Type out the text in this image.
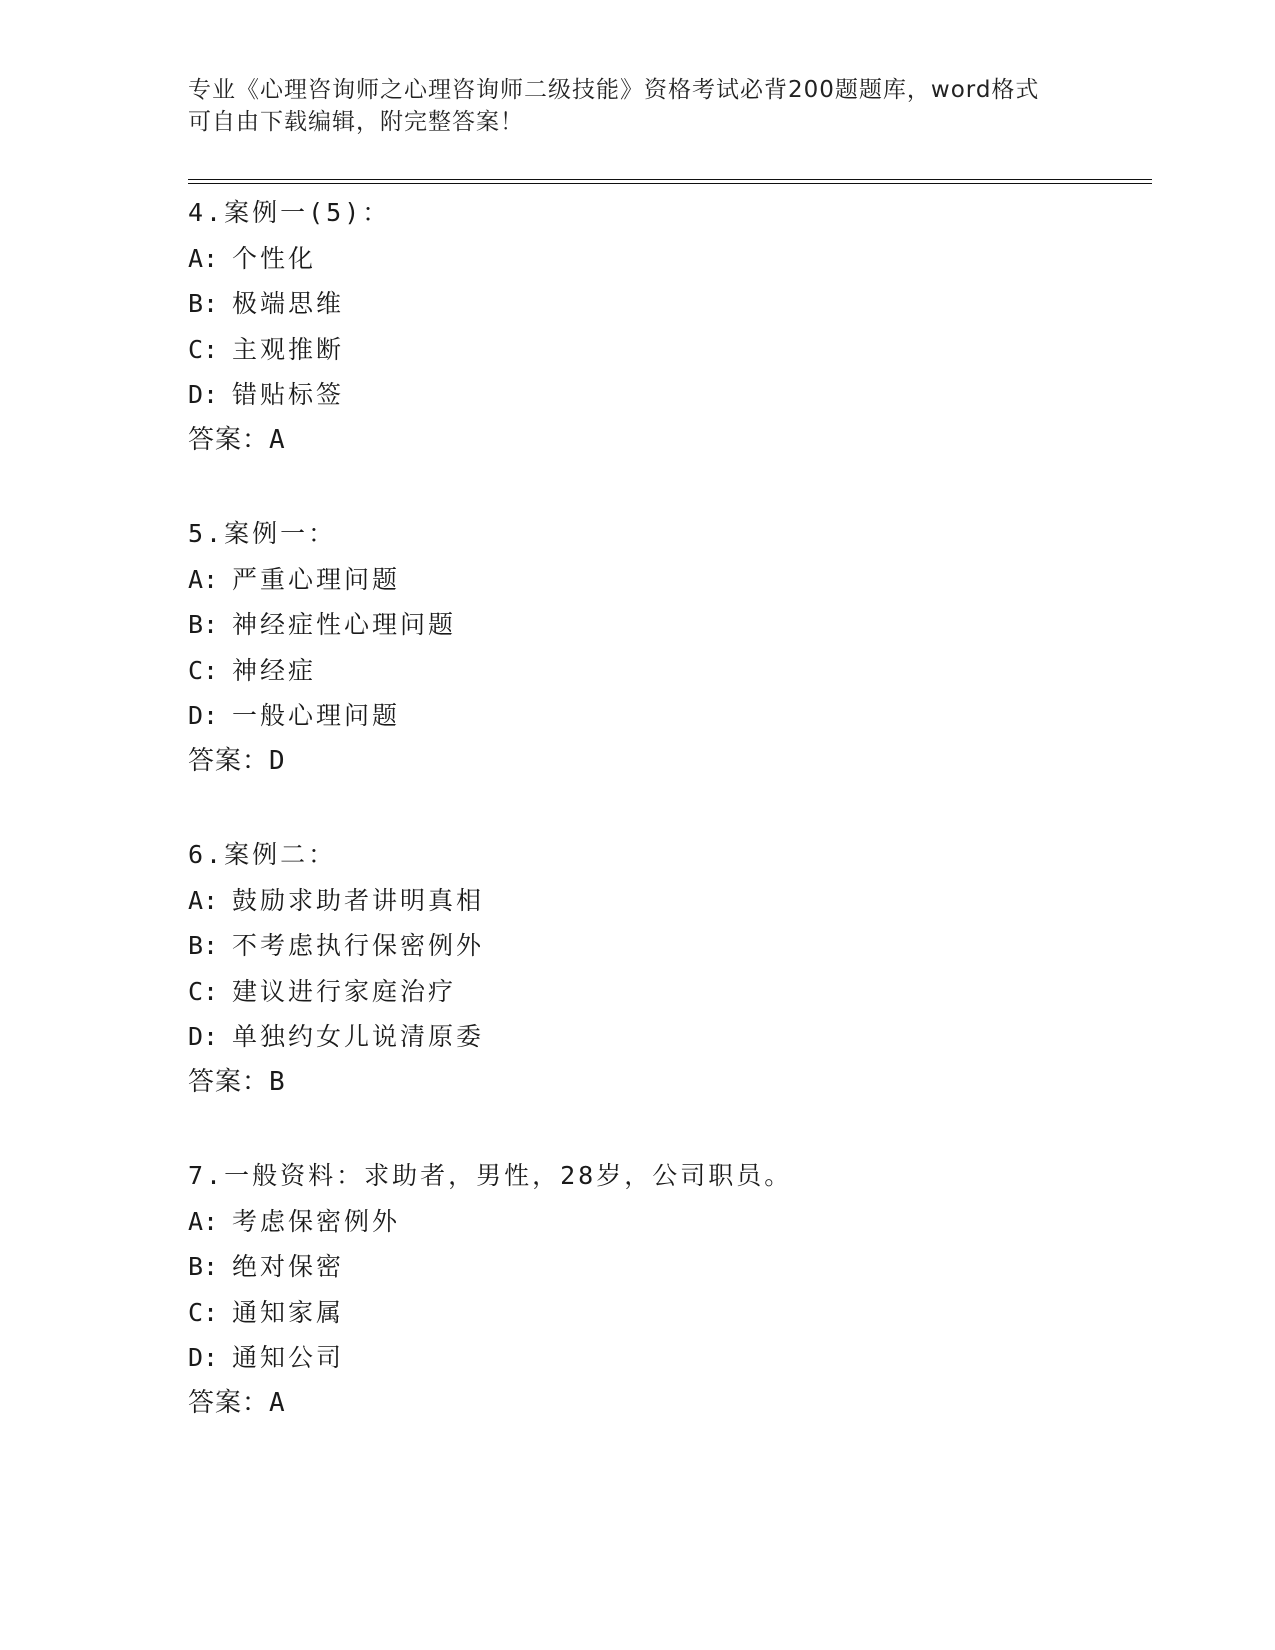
专业《心理咨询师之心理咨询师二级技能》资格考试必背200题题库，word格式
可自由下载编辑，附完整答案！
4.案例一(5)：
A: 个性化
B: 极端思维
C: 主观推断
D: 错贴标签
答案：A
5.案例一：
A: 严重心理问题
B: 神经症性心理问题
C: 神经症
D: 一般心理问题
答案：D
6.案例二：
A: 鼓励求助者讲明真相
B: 不考虑执行保密例外
C: 建议进行家庭治疗
D: 单独约女儿说清原委
答案：B
7.一般资料：求助者，男性，28岁，公司职员。
A: 考虑保密例外
B: 绝对保密
C: 通知家属
D: 通知公司
答案：A
